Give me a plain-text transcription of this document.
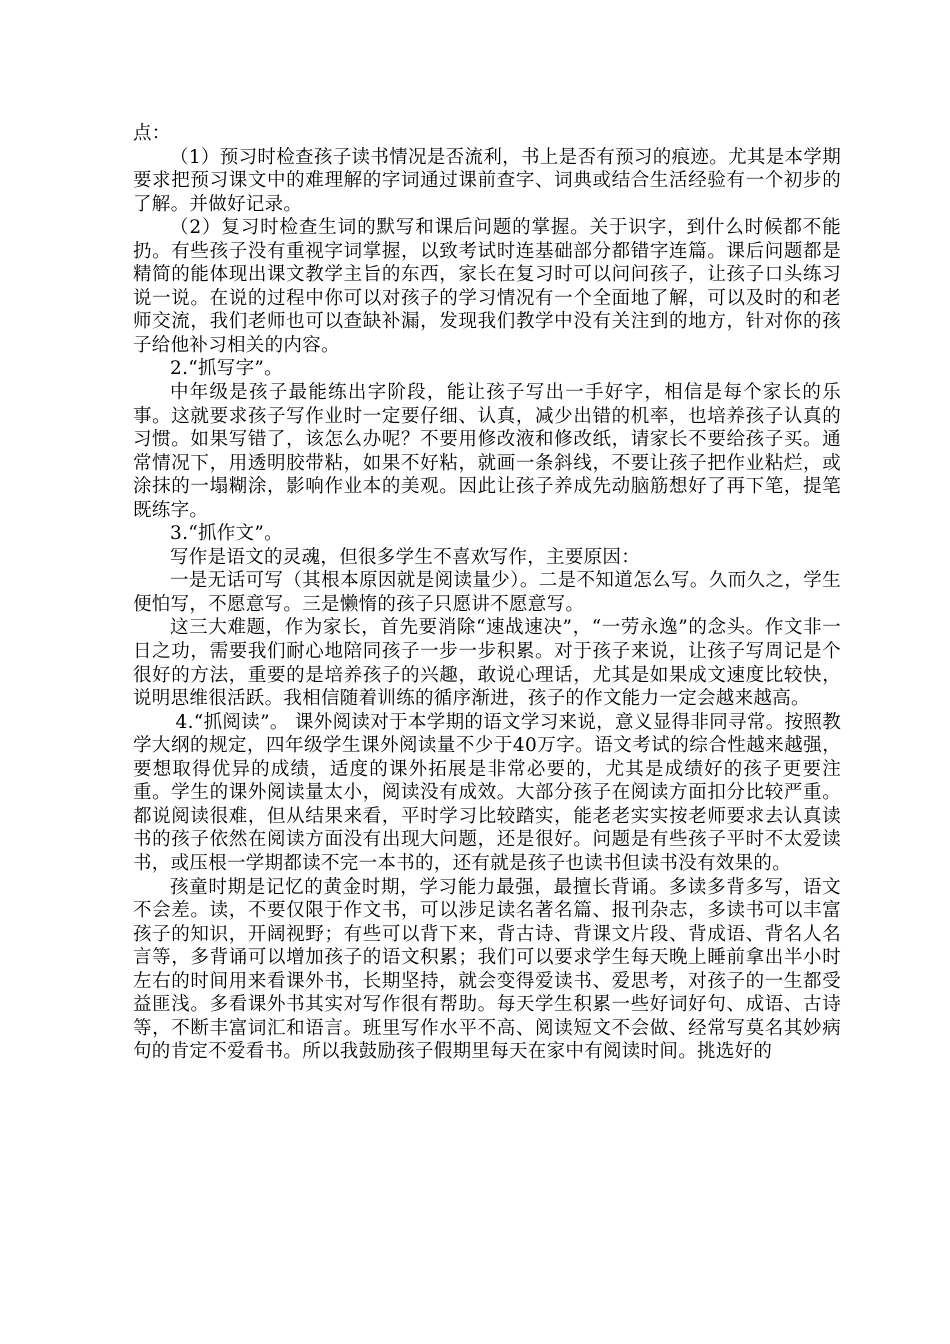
点：

（1）预习时检查孩子读书情况是否流利，书上是否有预习的痕迹。尤其是本学期要求把预习课文中的难理解的字词通过课前查字、词典或结合生活经验有一个初步的了解。并做好记录。

（2）复习时检查生词的默写和课后问题的掌握。关于识字，到什么时候都不能扔。有些孩子没有重视字词掌握，以致考试时连基础部分都错字连篇。课后问题都是精简的能体现出课文教学主旨的东西，家长在复习时可以问问孩子，让孩子口头练习说一说。在说的过程中你可以对孩子的学习情况有一个全面地了解，可以及时的和老师交流，我们老师也可以查缺补漏，发现我们教学中没有关注到的地方，针对你的孩子给他补习相关的内容。

2.“抓写字”。

中年级是孩子最能练出字阶段，能让孩子写出一手好字，相信是每个家长的乐事。这就要求孩子写作业时一定要仔细、认真，减少出错的机率，也培养孩子认真的习惯。如果写错了，该怎么办呢？不要用修改液和修改纸，请家长不要给孩子买。通常情况下，用透明胶带粘，如果不好粘，就画一条斜线，不要让孩子把作业粘烂，或涂抹的一塌糊涂，影响作业本的美观。因此让孩子养成先动脑筋想好了再下笔，提笔既练字。

3.“抓作文”。

写作是语文的灵魂，但很多学生不喜欢写作，主要原因：

一是无话可写（其根本原因就是阅读量少）。二是不知道怎么写。久而久之，学生便怕写，不愿意写。三是懒惰的孩子只愿讲不愿意写。

这三大难题，作为家长，首先要消除“速战速决”，“一劳永逸”的念头。作文非一日之功，需要我们耐心地陪同孩子一步一步积累。对于孩子来说，让孩子写周记是个很好的方法，重要的是培养孩子的兴趣，敢说心理话，尤其是如果成文速度比较快，说明思维很活跃。我相信随着训练的循序渐进，孩子的作文能力一定会越来越高。

4.“抓阅读”。 课外阅读对于本学期的语文学习来说，意义显得非同寻常。按照教学大纲的规定，四年级学生课外阅读量不少于40万字。语文考试的综合性越来越强，要想取得优异的成绩，适度的课外拓展是非常必要的，尤其是成绩好的孩子更要注重。学生的课外阅读量太小，阅读没有成效。大部分孩子在阅读方面扣分比较严重。都说阅读很难，但从结果来看，平时学习比较踏实，能老老实实按老师要求去认真读书的孩子依然在阅读方面没有出现大问题，还是很好。问题是有些孩子平时不太爱读书，或压根一学期都读不完一本书的，还有就是孩子也读书但读书没有效果的。

孩童时期是记忆的黄金时期，学习能力最强，最擅长背诵。多读多背多写，语文不会差。读，不要仅限于作文书，可以涉足读名著名篇、报刊杂志，多读书可以丰富孩子的知识，开阔视野；有些可以背下来，背古诗、背课文片段、背成语、背名人名言等，多背诵可以增加孩子的语文积累；我们可以要求学生每天晚上睡前拿出半小时左右的时间用来看课外书，长期坚持，就会变得爱读书、爱思考，对孩子的一生都受益匪浅。多看课外书其实对写作很有帮助。每天学生积累一些好词好句、成语、古诗等，不断丰富词汇和语言。班里写作水平不高、阅读短文不会做、经常写莫名其妙病句的肯定不爱看书。所以我鼓励孩子假期里每天在家中有阅读时间。挑选好的
